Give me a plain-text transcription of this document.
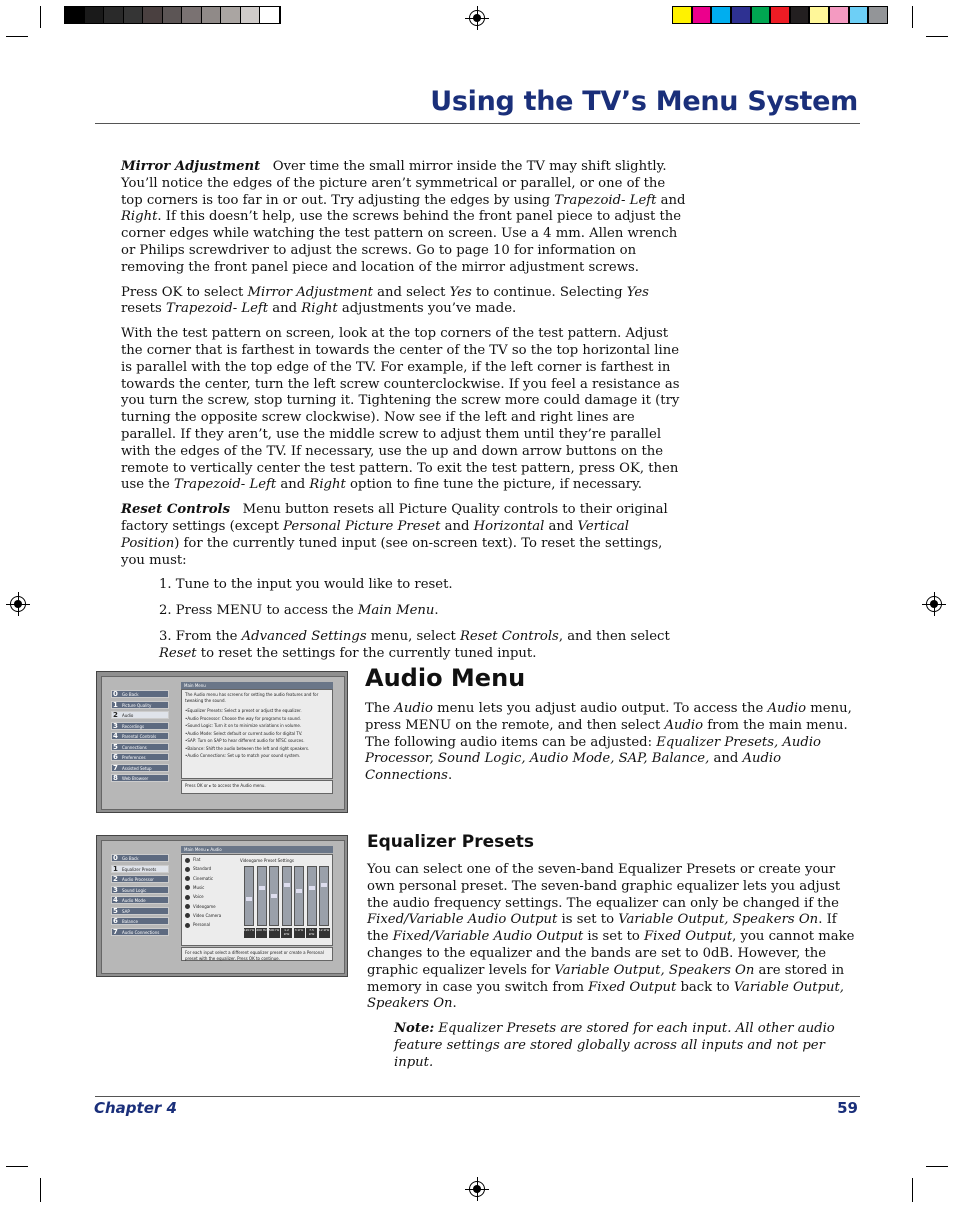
Using the TV’s Menu System

Mirror Adjustment Over time the small mirror inside the TV may shift slightly. You’ll notice the edges of the picture aren’t symmetrical or parallel, or one of the top corners is too far in or out. Try adjusting the edges by using Trapezoid- Left and Right. If this doesn’t help, use the screws behind the front panel piece to adjust the corner edges while watching the test pattern on screen. Use a 4 mm. Allen wrench or Philips screwdriver to adjust the screws. Go to page 10 for information on removing the front panel piece and location of the mirror adjustment screws.

Press OK to select Mirror Adjustment and select Yes to continue. Selecting Yes resets Trapezoid- Left and Right adjustments you’ve made.

With the test pattern on screen, look at the top corners of the test pattern. Adjust the corner that is farthest in towards the center of the TV so the top horizontal line is parallel with the top edge of the TV. For example, if the left corner is farthest in towards the center, turn the left screw counterclockwise. If you feel a resistance as you turn the screw, stop turning it. Tightening the screw more could damage it (try turning the opposite screw clockwise). Now see if the left and right lines are parallel. If they aren’t, use the middle screw to adjust them until they’re parallel with the edges of the TV. If necessary, use the up and down arrow buttons on the remote to vertically center the test pattern. To exit the test pattern, press OK, then use the Trapezoid- Left and Right option to fine tune the picture, if necessary.

Reset Controls Menu button resets all Picture Quality controls to their original factory settings (except Personal Picture Preset and Horizontal and Vertical Position) for the currently tuned input (see on-screen text). To reset the settings, you must:

1. Tune to the input you would like to reset.

2. Press MENU to access the Main Menu.

3. From the Advanced Settings menu, select Reset Controls, and then select Reset to reset the settings for the currently tuned input.

Audio Menu

The Audio menu lets you adjust audio output. To access the Audio menu, press MENU on the remote, and then select Audio from the main menu. The following audio items can be adjusted: Equalizer Presets, Audio Processor, Sound Logic, Audio Mode, SAP, Balance, and Audio Connections.

Equalizer Presets

You can select one of the seven-band Equalizer Presets or create your own personal preset. The seven-band graphic equalizer lets you adjust the audio frequency settings. The equalizer can only be changed if the Fixed/Variable Audio Output is set to Variable Output, Speakers On. If the Fixed/Variable Audio Output is set to Fixed Output, you cannot make changes to the equalizer and the bands are set to 0dB. However, the graphic equalizer levels for Variable Output, Speakers On are stored in memory in case you switch from Fixed Output back to Variable Output, Speakers On.

Note: Equalizer Presets are stored for each input. All other audio feature settings are stored globally across all inputs and not per input.

0 Go Back
1 Picture Quality
2 Audio
3 Recordings
4 Parental Controls
5 Connections
6 Preferences
7 Assisted Setup
8 Web Browser
Main Menu
The Audio menu has screens for setting the audio features and for tweaking the sound.
•Equalizer Presets: Select a preset or adjust the equalizer.
•Audio Processor: Choose the way for programs to sound.
•Sound Logic: Turn it on to minimize variations in volume.
•Audio Mode: Select default or current audio for digital TV.
•SAP: Turn on SAP to hear different audio for NTSC sources.
•Balance: Shift the audio between the left and right speakers.
•Audio Connections: Set up to match your sound system.
Press OK or ▸ to access the Audio menu.
0 Go Back
1 Equalizer Presets
2 Audio Processor
3 Sound Logic
4 Audio Mode
5 SAP
6 Balance
7 Audio Connections
Main Menu ▸ Audio
Flat
Standard
Cinematic
Music
Voice
Videogame
Video Camera
Personal
Videogame Preset Settings
120 Hz 200 Hz 500 Hz	1.2 kHz
3 kHz	7.5 kHz
12 kHz
For each input select a different equalizer preset or create a Personal preset with the equalizer. Press OK to continue.
Chapter 4	59
